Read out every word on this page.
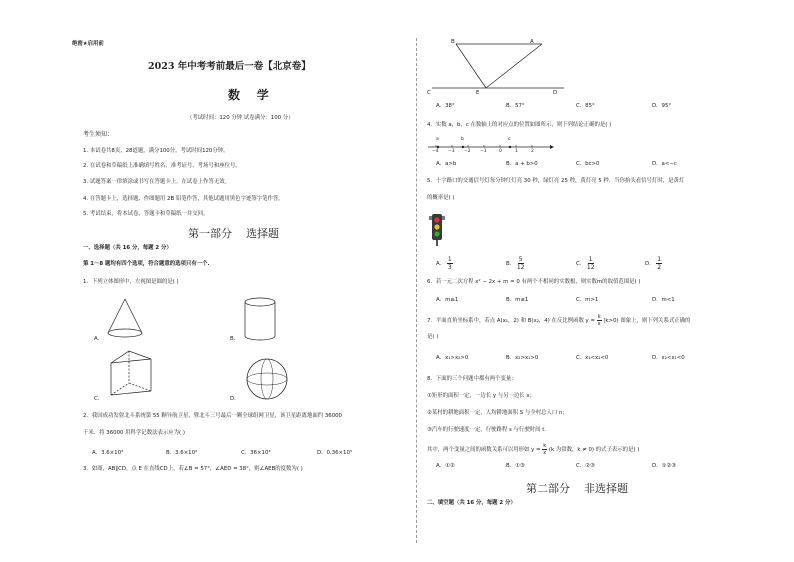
绝密★启用前
2023 年中考考前最后一卷【北京卷】
数    学
（考试时间：120 分钟 试卷满分：100 分）
考生须知：
1. 本试卷共8页，28道题，满分100分。考试时间120分钟。
2. 在试卷和草稿纸上准确填写姓名、准考证号、考场号和座位号。
3. 试题答案一律填涂或书写在答题卡上，在试卷上作答无效。
4. 在答题卡上，选择题、作图题用 2B 铅笔作答，其他试题用黑色字迹签字笔作答。
5. 考试结束，将本试卷、答题卡和草稿纸一并交回。
第一部分    选择题
一、选择题（共 16 分，每题 2 分）
第 1－8 题均有四个选项，符合题意的选项只有一个.
1．下列立体图形中，左视图是圆的是( )
A．	B．
C．	D．
2．我国成功发射北斗系统第 55 颗导航卫星，暨北斗三号最后一颗全球组网卫星，该卫星距离地面约 36000
千米．将 36000 用科学记数法表示应为( )
A．3.6×10³	B．3.6×10⁴	C．36×10³	D．0.36×10⁵
3．如图，AB∥CD，点 E 在直线CD上，若∠B = 57°，∠AED = 38°，则∠AEB的度数为( )
B	A
C	E	D
A．38°	B．57°	C．85°	D．95°
4．实数 a，b，c 在数轴上的对应点的位置如图所示，则下列结论正确的是( )
a	b	c
−4 −3 −2 −1	0	1	2
A．a>b	B．a + b>0	C．bc>0	D．a<−c
5．十字路口的交通信号灯每分钟红灯亮 30 秒，绿灯亮 25 秒，黄灯亮 5 秒．当你抬头看信号灯时，是黄灯
的概率是( )
A． $\frac{1}{3}$	B． $\frac{5}{12}$	C． $\frac{1}{12}$	D． $\frac{1}{2}$
6．若一元二次方程 x² − 2x + m = 0 有两个不相同的实数根，则实数m的取值范围是( )
A．m≥1	B．m≤1	C．m>1	D．m<1
7．平面直角坐标系中，若点 A(x₁，2) 和 B(x₂，4) 在反比例函数 $y = \frac{k}{x} (k>0)$ 图象上，则下列关系式正确的
是( )
A．x₁>x₂>0	B．x₂>x₁>0	C．x₁<x₂<0	D．x₂<x₁<0
8．下面的三个问题中都有两个变量：
①矩形的面积一定，一边长 y 与另一边长 x；
②某村的耕地面积一定，人均耕地面积 S 与全村总人口 n；
③汽车的行驶速度一定，行驶路程 s 与行驶时间 t．
其中，两个变量之间的函数关系可以用形如 $y = \frac{k}{x} (k$ 为常数，k ≠ 0) 的式子表示的是( )
A．①②	B．①③	C．②③	D．①②③
第二部分    非选择题
二、填空题（共 16 分，每题 2 分）
